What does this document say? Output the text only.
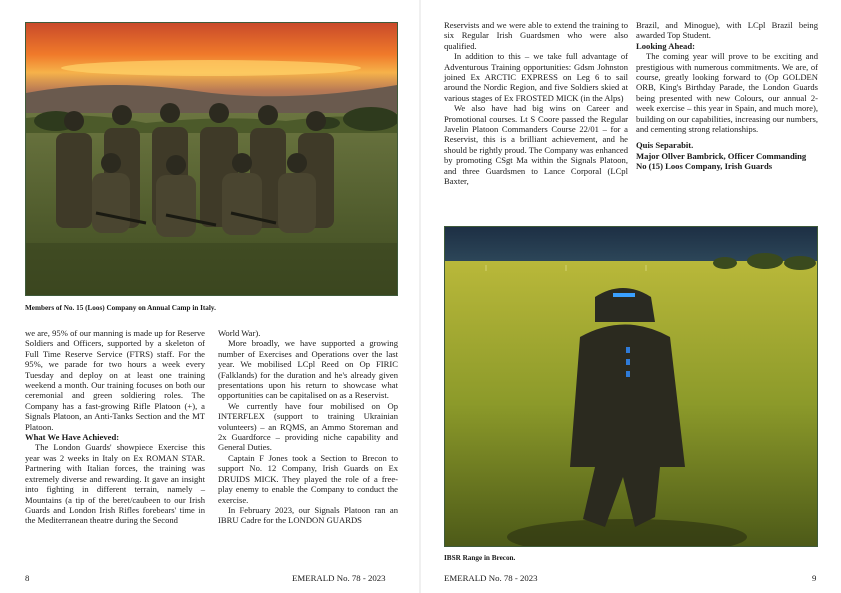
Members of No. 15 (Loos) Company on Annual Camp in Italy.

we are, 95% of our manning is made up for Reserve Soldiers and Officers, supported by a skeleton of Full Time Reserve Service (FTRS) staff. For the 95%, we parade for two hours a week every Tuesday and deploy on at least one training weekend a month. Our training focuses on both our ceremonial and green soldiering roles. The Company has a fast-growing Rifle Platoon (+), a Signals Platoon, an Anti-Tanks Section and the MT Platoon.

What We Have Achieved:

The London Guards' showpiece Exercise this year was 2 weeks in Italy on Ex ROMAN STAR. Partnering with Italian forces, the training was extremely diverse and rewarding. It gave an insight into fighting in different terrain, namely – Mountains (a tip of the beret/caubeen to our Irish Guards and London Irish Rifles forebears' time in the Mediterranean theatre during the Second

World War).

More broadly, we have supported a growing number of Exercises and Operations over the last year. We mobilised LCpl Reed on Op FIRIC (Falklands) for the duration and he's already given presentations upon his return to showcase what opportunities can be capitalised on as a Reservist.

We currently have four mobilised on Op INTERFLEX (support to training Ukrainian volunteers) – an RQMS, an Ammo Storeman and 2x Guardforce – providing niche capability and General Duties.

Captain F Jones took a Section to Brecon to support No. 12 Company, Irish Guards on Ex DRUIDS MICK. They played the role of a free-play enemy to enable the Company to conduct the exercise.

In February 2023, our Signals Platoon ran an IBRU Cadre for the LONDON GUARDS

8	EMERALD No. 78 - 2023

Reservists and we were able to extend the training to six Regular Irish Guardsmen who were also qualified.

In addition to this – we take full advantage of Adventurous Training opportunities: Gdsm Johnston joined Ex ARCTIC EXPRESS on Leg 6 to sail around the Nordic Region, and five Soldiers skied at various stages of Ex FROSTED MICK (in the Alps)

We also have had big wins on Career and Promotional courses. Lt S Coore passed the Regular Javelin Platoon Commanders Course 22/01 – for a Reservist, this is a brilliant achievement, and he should be rightly proud. The Company was enhanced by promoting CSgt Ma within the Signals Platoon, and three Guardsmen to Lance Corporal (LCpl Baxter,

Brazil, and Minogue), with LCpl Brazil being awarded Top Student.

Looking Ahead:

The coming year will prove to be exciting and prestigious with numerous commitments. We are, of course, greatly looking forward to (Op GOLDEN ORB, King's Birthday Parade, the London Guards being presented with new Colours, our annual 2-week exercise – this year in Spain, and much more), building on our capabilities, increasing our numbers, and cementing strong relationships.

Quis Separabit.

Major Ollver Bambrick, Officer Commanding No (15) Loos Company, Irish Guards

IBSR Range in Brecon.
EMERALD No. 78 - 2023	9
